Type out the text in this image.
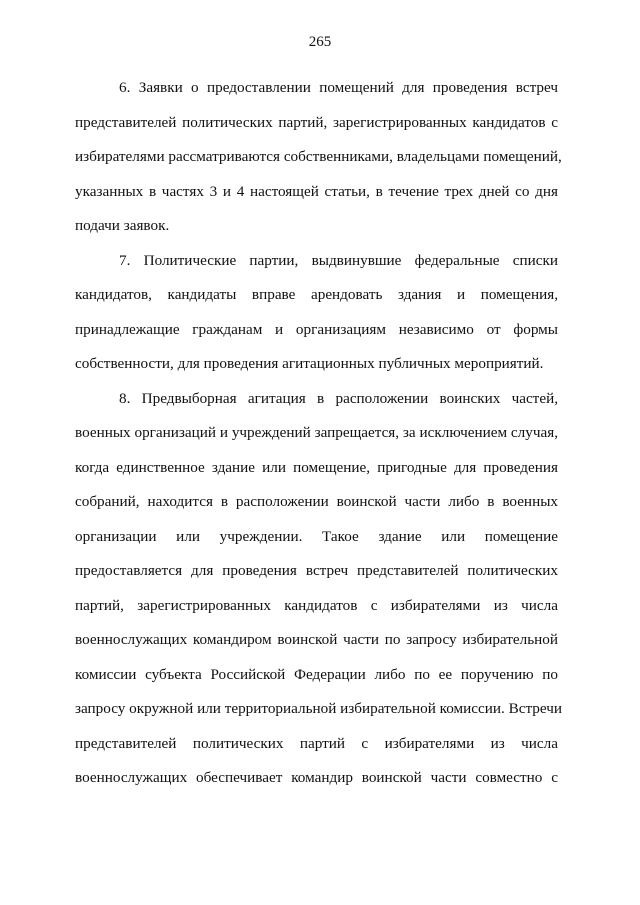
265
6. Заявки о предоставлении помещений для проведения встреч
представителей политических партий, зарегистрированных кандидатов с
избирателями рассматриваются собственниками, владельцами помещений,
указанных в частях 3 и 4 настоящей статьи, в течение трех дней со дня
подачи заявок.
7. Политические партии, выдвинувшие федеральные списки
кандидатов, кандидаты вправе арендовать здания и помещения,
принадлежащие гражданам и организациям независимо от формы
собственности, для проведения агитационных публичных мероприятий.
8. Предвыборная агитация в расположении воинских частей,
военных организаций и учреждений запрещается, за исключением случая,
когда единственное здание или помещение, пригодные для проведения
собраний, находится в расположении воинской части либо в военных
организации или учреждении. Такое здание или помещение
предоставляется для проведения встреч представителей политических
партий, зарегистрированных кандидатов с избирателями из числа
военнослужащих командиром воинской части по запросу избирательной
комиссии субъекта Российской Федерации либо по ее поручению по
запросу окружной или территориальной избирательной комиссии. Встречи
представителей политических партий с избирателями из числа
военнослужащих обеспечивает командир воинской части совместно с
